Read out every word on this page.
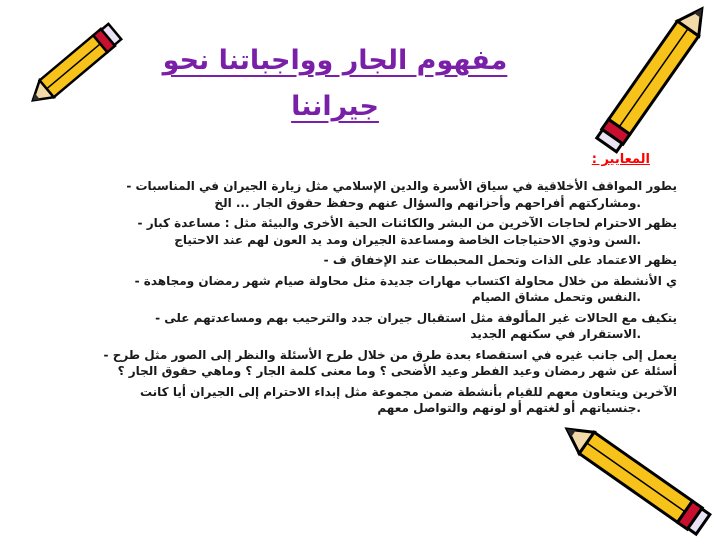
مفهوم الجار وواجباتنا نحو
جيراننا
المعايير :
يطور المواقف الأخلاقية في سياق الأسرة والدين الإسلامي مثل زيارة الجيران في المناسبات -
.ومشاركتهم أفراحهم وأحزانهم والسؤال عنهم وحفظ حقوق الجار ... الخ
يظهر الاحترام لحاجات الآخرين من البشر والكائنات الحية الأخرى والبيئة مثل : مساعدة كبار -
.السن وذوي الاحتياجات الخاصة ومساعدة الجيران ومد يد العون لهم عند الاحتياج
يظهر الاعتماد على الذات وتحمل المحبطات عند الإخفاق ف -
ي الأنشطة من خلال محاولة اكتساب مهارات جديدة مثل محاولة صيام شهر رمضان ومجاهدة -
.النفس وتحمل مشاق الصيام
يتكيف مع الحالات غير المألوفة مثل استقبال جيران جدد والترحيب بهم ومساعدتهم على -
.الاستقرار في سكنهم الجديد
يعمل إلى جانب غيره في استقصاء بعدة طرق من خلال طرح الأسئلة والنظر إلى الصور مثل طرح -
أسئلة عن شهر رمضان وعيد الفطر وعيد الأضحى ؟ وما معنى كلمة الجار ؟ وماهي حقوق الجار ؟
الآخرين ويتعاون معهم للقيام بأنشطة ضمن مجموعة مثل إبداء الاحترام إلى الجيران أيا كانت
.جنسياتهم أو لغتهم أو لونهم والتواصل معهم
